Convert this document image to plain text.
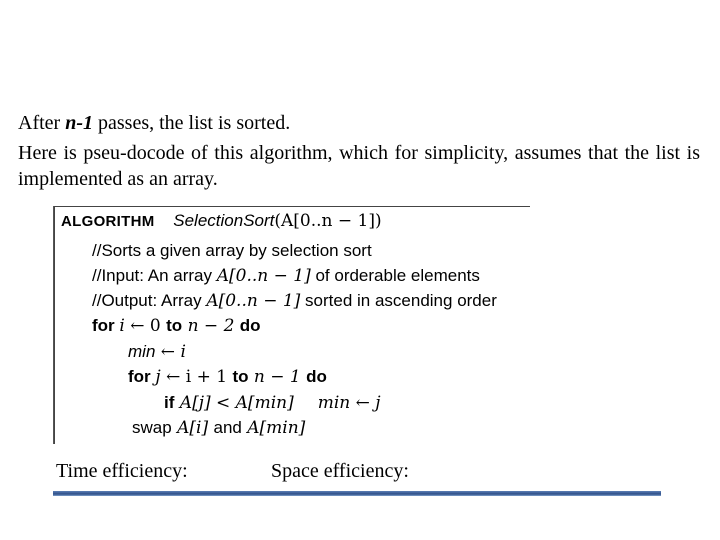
After n-1 passes, the list is sorted.

Here is pseu-docode of this algorithm, which for simplicity, assumes that the list is implemented as an array.

ALGORITHM SelectionSort(A[0..n − 1])
//Sorts a given array by selection sort
//Input: An array A[0..n − 1] of orderable elements
//Output: Array A[0..n − 1] sorted in ascending order
for i ← 0 to n − 2 do
min ← i
for j ← i + 1 to n − 1 do
if A[j] < A[min] min ← j
swap A[i] and A[min]
Time efficiency:	Space efficiency:
